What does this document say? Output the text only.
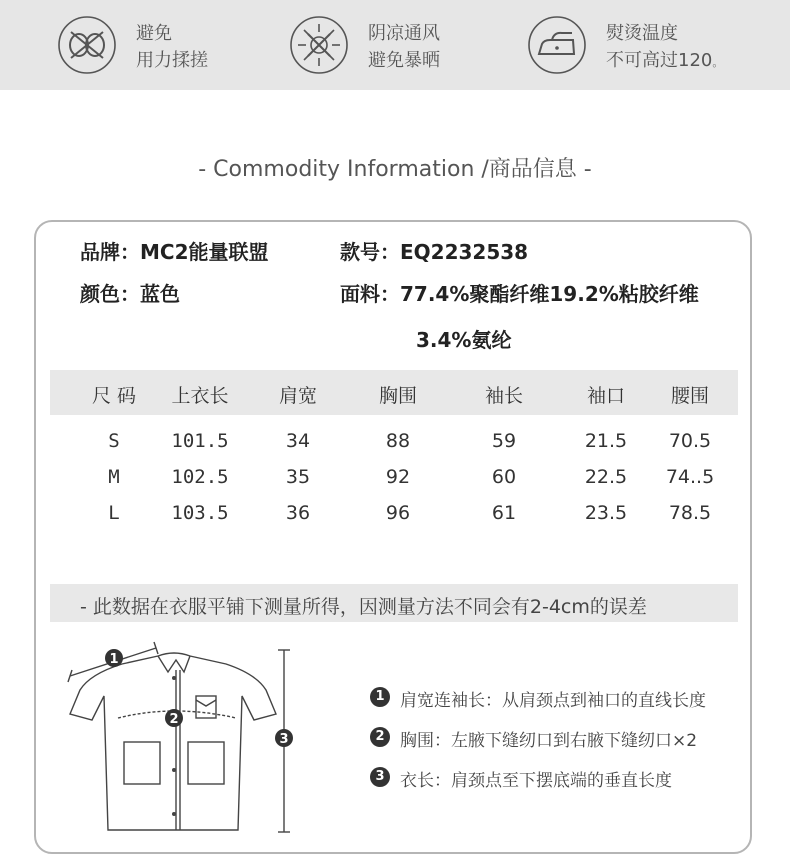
避免
用力揉搓
阴凉通风
避免暴晒
熨烫温度
不可高过120。
- Commodity Information /商品信息 -
品牌：MC2能量联盟	款号：EQ2232538
颜色：蓝色	面料：77.4%聚酯纤维19.2%粘胶纤维
3.4%氨纶
尺 码	上衣长	肩宽	胸围	袖长	袖口	腰围
S	101.5	34	88	59	21.5	70.5
M	102.5	35	92	60	22.5	74..5
L	103.5	36	96	61	23.5	78.5
- 此数据在衣服平铺下测量所得，因测量方法不同会有2-4cm的误差
1
2
3
1 肩宽连袖长：从肩颈点到袖口的直线长度
2 胸围：左腋下缝纫口到右腋下缝纫口×2
3 衣长：肩颈点至下摆底端的垂直长度
